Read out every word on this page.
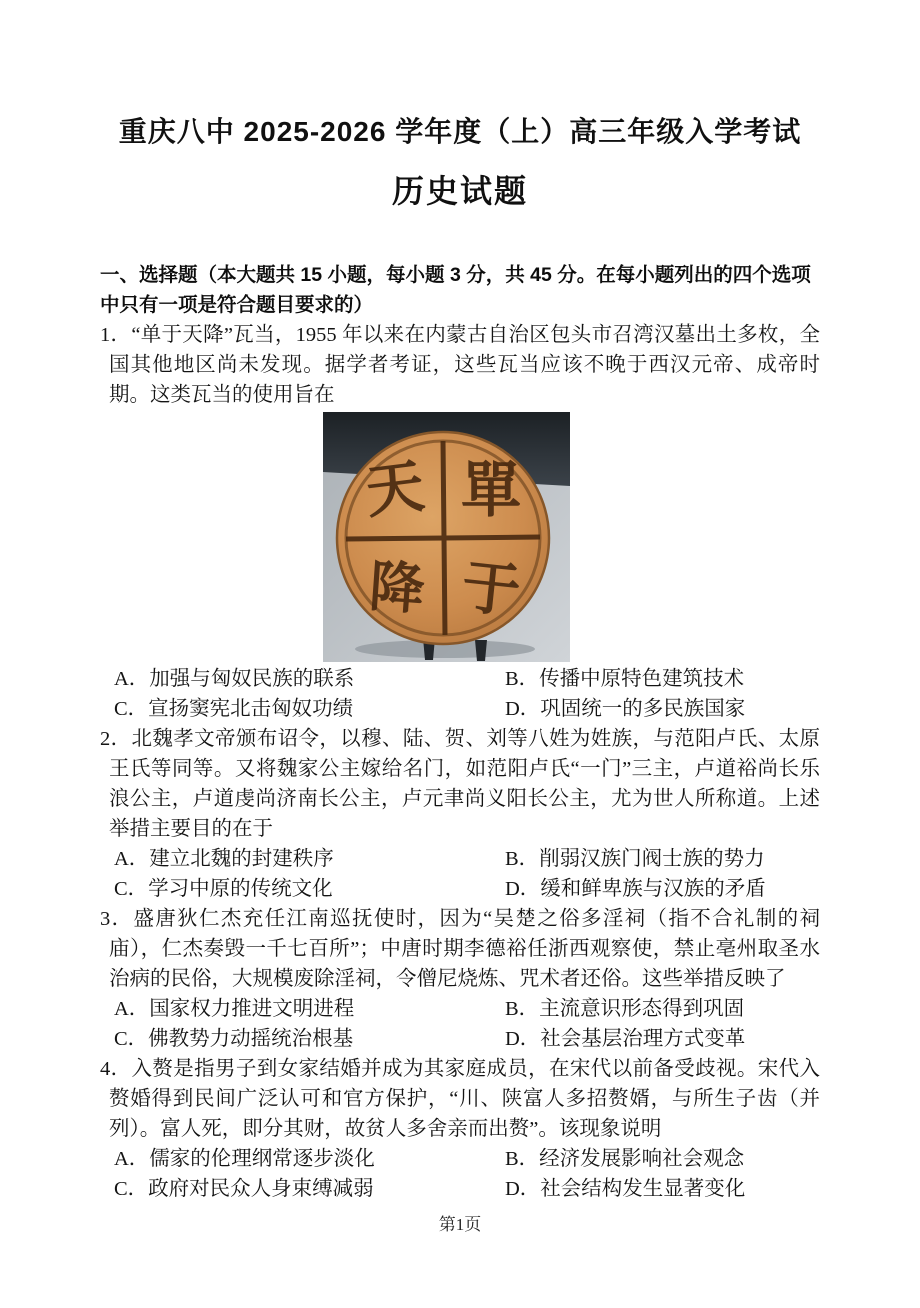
重庆八中 2025-2026 学年度（上）高三年级入学考试
历史试题

一、选择题（本大题共 15 小题，每小题 3 分，共 45 分。在每小题列出的四个选项中只有一项是符合题目要求的）

1．“单于天降”瓦当，1955 年以来在内蒙古自治区包头市召湾汉墓出土多枚，全国其他地区尚未发现。据学者考证，这些瓦当应该不晚于西汉元帝、成帝时期。这类瓦当的使用旨在

天 單
降 于
A．加强与匈奴民族的联系	B．传播中原特色建筑技术
C．宣扬窦宪北击匈奴功绩	D．巩固统一的多民族国家

2．北魏孝文帝颁布诏令，以穆、陆、贺、刘等八姓为姓族，与范阳卢氏、太原王氏等同等。又将魏家公主嫁给名门，如范阳卢氏“一门”三主，卢道裕尚长乐浪公主，卢道虔尚济南长公主，卢元聿尚义阳长公主，尤为世人所称道。上述举措主要目的在于

A．建立北魏的封建秩序	B．削弱汉族门阀士族的势力
C．学习中原的传统文化	D．缓和鲜卑族与汉族的矛盾

3．盛唐狄仁杰充任江南巡抚使时，因为“吴楚之俗多淫祠（指不合礼制的祠庙），仁杰奏毁一千七百所”；中唐时期李德裕任浙西观察使，禁止亳州取圣水治病的民俗，大规模废除淫祠，令僧尼烧炼、咒术者还俗。这些举措反映了

A．国家权力推进文明进程	B．主流意识形态得到巩固
C．佛教势力动摇统治根基	D．社会基层治理方式变革

4．入赘是指男子到女家结婚并成为其家庭成员，在宋代以前备受歧视。宋代入赘婚得到民间广泛认可和官方保护，“川、陕富人多招赘婿，与所生子齿（并列）。富人死，即分其财，故贫人多舍亲而出赘”。该现象说明

A．儒家的伦理纲常逐步淡化	B．经济发展影响社会观念
C．政府对民众人身束缚减弱	D．社会结构发生显著变化
第1页
